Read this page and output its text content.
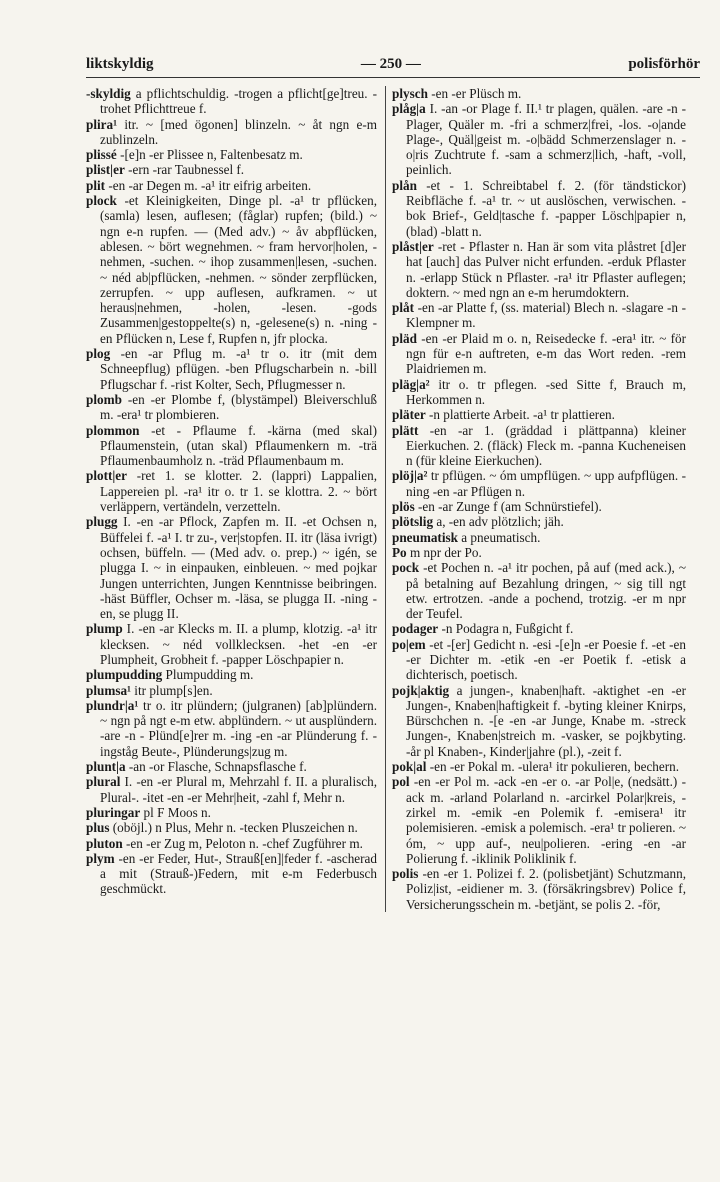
liktskyldig	— 250 —	polisförhör

-skyldig a pflichtschuldig. -trogen a pflicht[ge]treu. -trohet Pflichttreue f.

plira¹ itr. ~ [med ögonen] blinzeln. ~ åt ngn e-m zublinzeln.

plissé -[e]n -er Plissee n, Faltenbesatz m.

plist|er -ern -rar Taubnessel f.

plit -en -ar Degen m. -a¹ itr eifrig arbeiten.

plock -et Kleinigkeiten, Dinge pl. -a¹ tr pflücken, (samla) lesen, auflesen; (fåglar) rupfen; (bild.) ~ ngn e-n rupfen. — (Med adv.) ~ åv abpflücken, ablesen. ~ bört wegnehmen. ~ fram hervor|holen, -nehmen, -suchen. ~ ihop zusammen|lesen, -suchen. ~ néd ab|pflücken, -nehmen. ~ sönder zerpflücken, zerrupfen. ~ upp auflesen, aufkramen. ~ ut heraus|nehmen, -holen, -lesen. -gods Zusammen|gestoppelte(s) n, -gelesene(s) n. -ning -en Pflücken n, Lese f, Rupfen n, jfr plocka.

plog -en -ar Pflug m. -a¹ tr o. itr (mit dem Schneepflug) pflügen. -ben Pflugscharbein n. -bill Pflugschar f. -rist Kolter, Sech, Pflugmesser n.

plomb -en -er Plombe f, (blystämpel) Bleiverschluß m. -era¹ tr plombieren.

plommon -et - Pflaume f. -kärna (med skal) Pflaumenstein, (utan skal) Pflaumenkern m. -trä Pflaumenbaumholz n. -träd Pflaumenbaum m.

plott|er -ret 1. se klotter. 2. (lappri) Lappalien, Lappereien pl. -ra¹ itr o. tr 1. se klottra. 2. ~ bört verläppern, vertändeln, verzetteln.

plugg I. -en -ar Pflock, Zapfen m. II. -et Ochsen n, Büffelei f. -a¹ I. tr zu-, ver|stopfen. II. itr (läsa ivrigt) ochsen, büffeln. — (Med adv. o. prep.) ~ igén, se plugga I. ~ in einpauken, einbleuen. ~ med pojkar Jungen unterrichten, Jungen Kenntnisse beibringen. -häst Büffler, Ochser m. -läsa, se plugga II. -ning -en, se plugg II.

plump I. -en -ar Klecks m. II. a plump, klotzig. -a¹ itr klecksen. ~ néd vollklecksen. -het -en -er Plumpheit, Grobheit f. -papper Löschpapier n.

plumpudding Plumpudding m.

plumsa¹ itr plump[s]en.

plundr|a¹ tr o. itr plündern; (julgranen) [ab]plündern. ~ ngn på ngt e-m etw. abplündern. ~ ut ausplündern. -are -n - Plünd[e]rer m. -ing -en -ar Plünderung f. -ingståg Beute-, Plünderungs|zug m.

plunt|a -an -or Flasche, Schnapsflasche f.

plural I. -en -er Plural m, Mehrzahl f. II. a pluralisch, Plural-. -itet -en -er Mehr|heit, -zahl f, Mehr n.

pluringar pl F Moos n.

plus (oböjl.) n Plus, Mehr n. -tecken Pluszeichen n.

pluton -en -er Zug m, Peloton n. -chef Zugführer m.

plym -en -er Feder, Hut-, Strauß[en]|feder f. -ascherad a mit (Strauß-)Federn, mit e-m Federbusch geschmückt.

plysch -en -er Plüsch m.

plåg|a I. -an -or Plage f. II.¹ tr plagen, quälen. -are -n - Plager, Quäler m. -fri a schmerz|frei, -los. -o|ande Plage-, Quäl|geist m. -o|bädd Schmerzenslager n. -o|ris Zuchtrute f. -sam a schmerz|lich, -haft, -voll, peinlich.

plån -et - 1. Schreibtabel f. 2. (för tändstickor) Reibfläche f. -a¹ tr. ~ ut auslöschen, verwischen. -bok Brief-, Geld|tasche f. -papper Lösch|papier n, (blad) -blatt n.

plåst|er -ret - Pflaster n. Han är som vita plåstret [d]er hat [auch] das Pulver nicht erfunden. -erduk Pflaster n. -erlapp Stück n Pflaster. -ra¹ itr Pflaster auflegen; doktern. ~ med ngn an e-m herumdoktern.

plåt -en -ar Platte f, (ss. material) Blech n. -slagare -n - Klempner m.

pläd -en -er Plaid m o. n, Reisedecke f. -era¹ itr. ~ för ngn für e-n auftreten, e-m das Wort reden. -rem Plaidriemen m.

pläg|a² itr o. tr pflegen. -sed Sitte f, Brauch m, Herkommen n.

pläter -n plattierte Arbeit. -a¹ tr plattieren.

plätt -en -ar 1. (gräddad i plättpanna) kleiner Eierkuchen. 2. (fläck) Fleck m. -panna Kucheneisen n (für kleine Eierkuchen).

plöj|a² tr pflügen. ~ óm umpflügen. ~ upp aufpflügen. -ning -en -ar Pflügen n.

plös -en -ar Zunge f (am Schnürstiefel).

plötslig a, -en adv plötzlich; jäh.

pneumatisk a pneumatisch.

Po m npr der Po.

pock -et Pochen n. -a¹ itr pochen, på auf (med ack.), ~ på betalning auf Bezahlung dringen, ~ sig till ngt etw. ertrotzen. -ande a pochend, trotzig. -er m npr der Teufel.

podager -n Podagra n, Fußgicht f.

po|em -et -[er] Gedicht n. -esi -[e]n -er Poesie f. -et -en -er Dichter m. -etik -en -er Poetik f. -etisk a dichterisch, poetisch.

pojk|aktig a jungen-, knaben|haft. -aktighet -en -er Jungen-, Knaben|haftigkeit f. -byting kleiner Knirps, Bürschchen n. -[e -en -ar Junge, Knabe m. -streck Jungen-, Knaben|streich m. -vasker, se pojkbyting. -år pl Knaben-, Kinder|jahre (pl.), -zeit f.

pok|al -en -er Pokal m. -ulera¹ itr pokulieren, bechern.

pol -en -er Pol m. -ack -en -er o. -ar Pol|e, (nedsätt.) -ack m. -arland Polarland n. -arcirkel Polar|kreis, -zirkel m. -emik -en Polemik f. -emisera¹ itr polemisieren. -emisk a polemisch. -era¹ tr polieren. ~ óm, ~ upp auf-, neu|polieren. -ering -en -ar Polierung f. -iklinik Poliklinik f.

polis -en -er 1. Polizei f. 2. (polisbetjänt) Schutzmann, Poliz|ist, -eidiener m. 3. (försäkringsbrev) Police f, Versicherungsschein m. -betjänt, se polis 2. -för,
